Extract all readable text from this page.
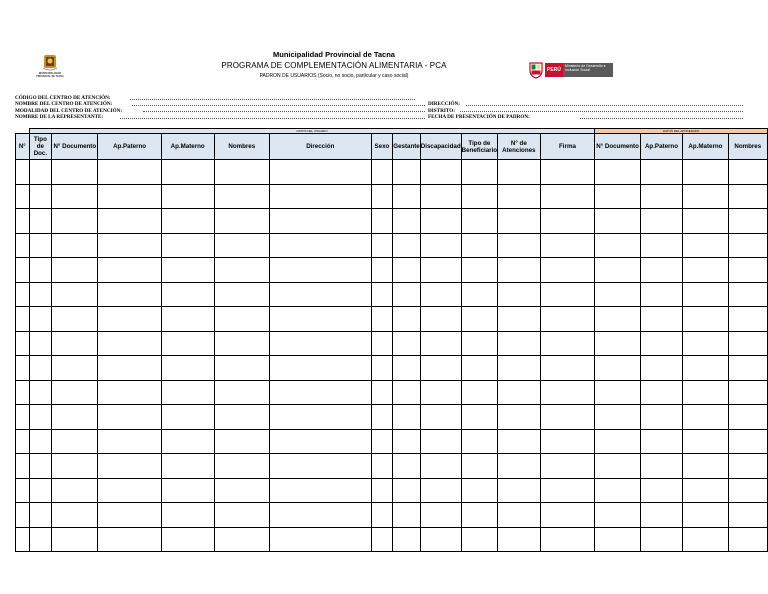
MUNICIPALIDAD
PROVINCIAL DE TACNA
Municipalidad Provincial de Tacna
PROGRAMA DE COMPLEMENTACIÓN ALIMENTARIA - PCA
PADRON DE USUARIOS (Socio, no socio, particular y caso social)
PERÚ
Ministerio de Desarrollo e Inclusión Social
CÓDIGO DEL CENTRO DE ATENCIÓN:
NOMBRE DEL CENTRO DE ATENCIÓN:
MODALIDAD DEL CENTRO DE ATENCIÓN:
NOMBRE DE LA REPRESENTANTE:
DIRECCIÓN:
DISTRITO:
FECHA DE PRESENTACIÓN DE PADRON:
	DATOS DEL USUARIO												DATOS DEL APODERADO			
N°	Tipo de Doc.	N° Documento	Ap.Paterno	Ap.Materno	Nombres	Dirección	Sexo	Gestante	Discapacidad	Tipo de Beneficiario	N° de Atenciones	Firma	N° Documento	Ap.Paterno	Ap.Materno	Nombres
